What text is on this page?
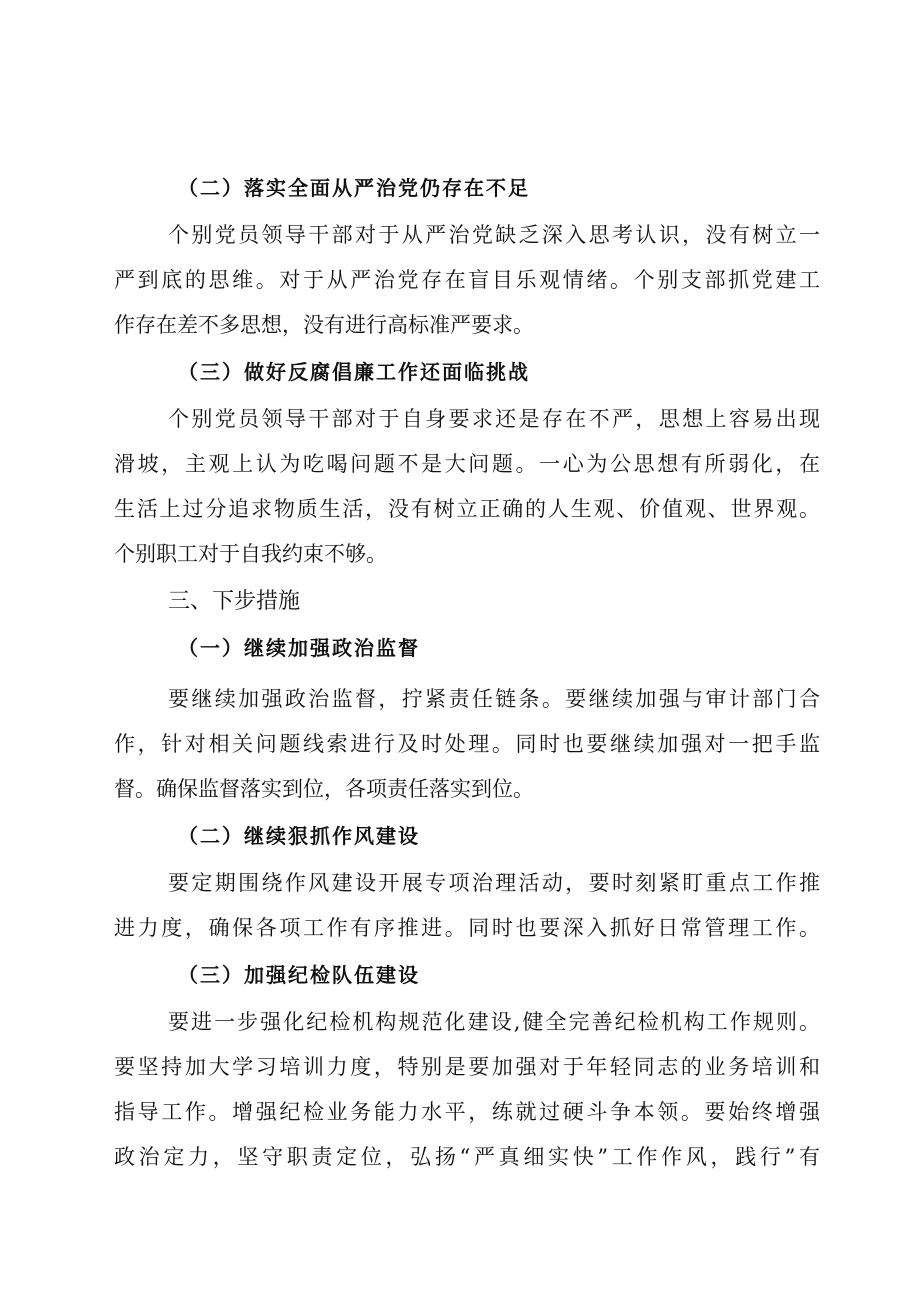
（二）落实全面从严治党仍存在不足
个别党员领导干部对于从严治党缺乏深入思考认识，没有树立一
严到底的思维。对于从严治党存在盲目乐观情绪。个别支部抓党建工
作存在差不多思想，没有进行高标准严要求。
（三）做好反腐倡廉工作还面临挑战
个别党员领导干部对于自身要求还是存在不严，思想上容易出现
滑坡，主观上认为吃喝问题不是大问题。一心为公思想有所弱化，在
生活上过分追求物质生活，没有树立正确的人生观、价值观、世界观。
个别职工对于自我约束不够。
三、下步措施
（一）继续加强政治监督
要继续加强政治监督，拧紧责任链条。要继续加强与审计部门合
作，针对相关问题线索进行及时处理。同时也要继续加强对一把手监
督。确保监督落实到位，各项责任落实到位。
（二）继续狠抓作风建设
要定期围绕作风建设开展专项治理活动，要时刻紧盯重点工作推
进力度，确保各项工作有序推进。同时也要深入抓好日常管理工作。
（三）加强纪检队伍建设
要进一步强化纪检机构规范化建设,健全完善纪检机构工作规则。
要坚持加大学习培训力度，特别是要加强对于年轻同志的业务培训和
指导工作。增强纪检业务能力水平，练就过硬斗争本领。要始终增强
政治定力，坚守职责定位，弘扬“严真细实快”工作作风，践行”有
